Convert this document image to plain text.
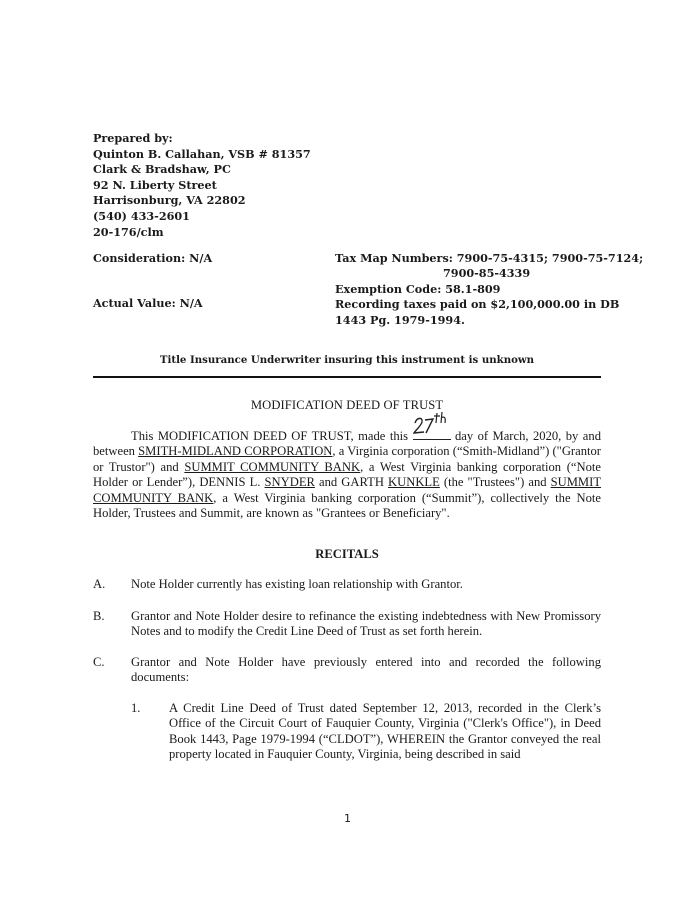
Prepared by:
Quinton B. Callahan, VSB # 81357
Clark & Bradshaw, PC
92 N. Liberty Street
Harrisonburg, VA 22802
(540) 433-2601
20-176/clm
Consideration: N/A
Actual Value: N/A
Tax Map Numbers: 7900-75-4315; 7900-75-7124;
7900-85-4339
Exemption Code: 58.1-809
Recording taxes paid on $2,100,000.00 in DB
1443 Pg. 1979-1994.
Title Insurance Underwriter insuring this instrument is unknown
MODIFICATION DEED OF TRUST
This MODIFICATION DEED OF TRUST, made this	day of March, 2020, by and between SMITH-MIDLAND CORPORATION, a Virginia corporation (“Smith-Midland”) ("Grantor or Trustor") and SUMMIT COMMUNITY BANK, a West Virginia banking corporation (“Note Holder or Lender”), DENNIS L. SNYDER and GARTH KUNKLE (the "Trustees") and SUMMIT COMMUNITY BANK, a West Virginia banking corporation (“Summit”), collectively the Note Holder, Trustees and Summit, are known as "Grantees or Beneficiary".
RECITALS
A. Note Holder currently has existing loan relationship with Grantor.
B. Grantor and Note Holder desire to refinance the existing indebtedness with New Promissory Notes and to modify the Credit Line Deed of Trust as set forth herein.
C. Grantor and Note Holder have previously entered into and recorded the following documents:
1. A Credit Line Deed of Trust dated September 12, 2013, recorded in the Clerk’s Office of the Circuit Court of Fauquier County, Virginia ("Clerk's Office"), in Deed Book 1443, Page 1979-1994 (“CLDOT”), WHEREIN the Grantor conveyed the real property located in Fauquier County, Virginia, being described in said
1
